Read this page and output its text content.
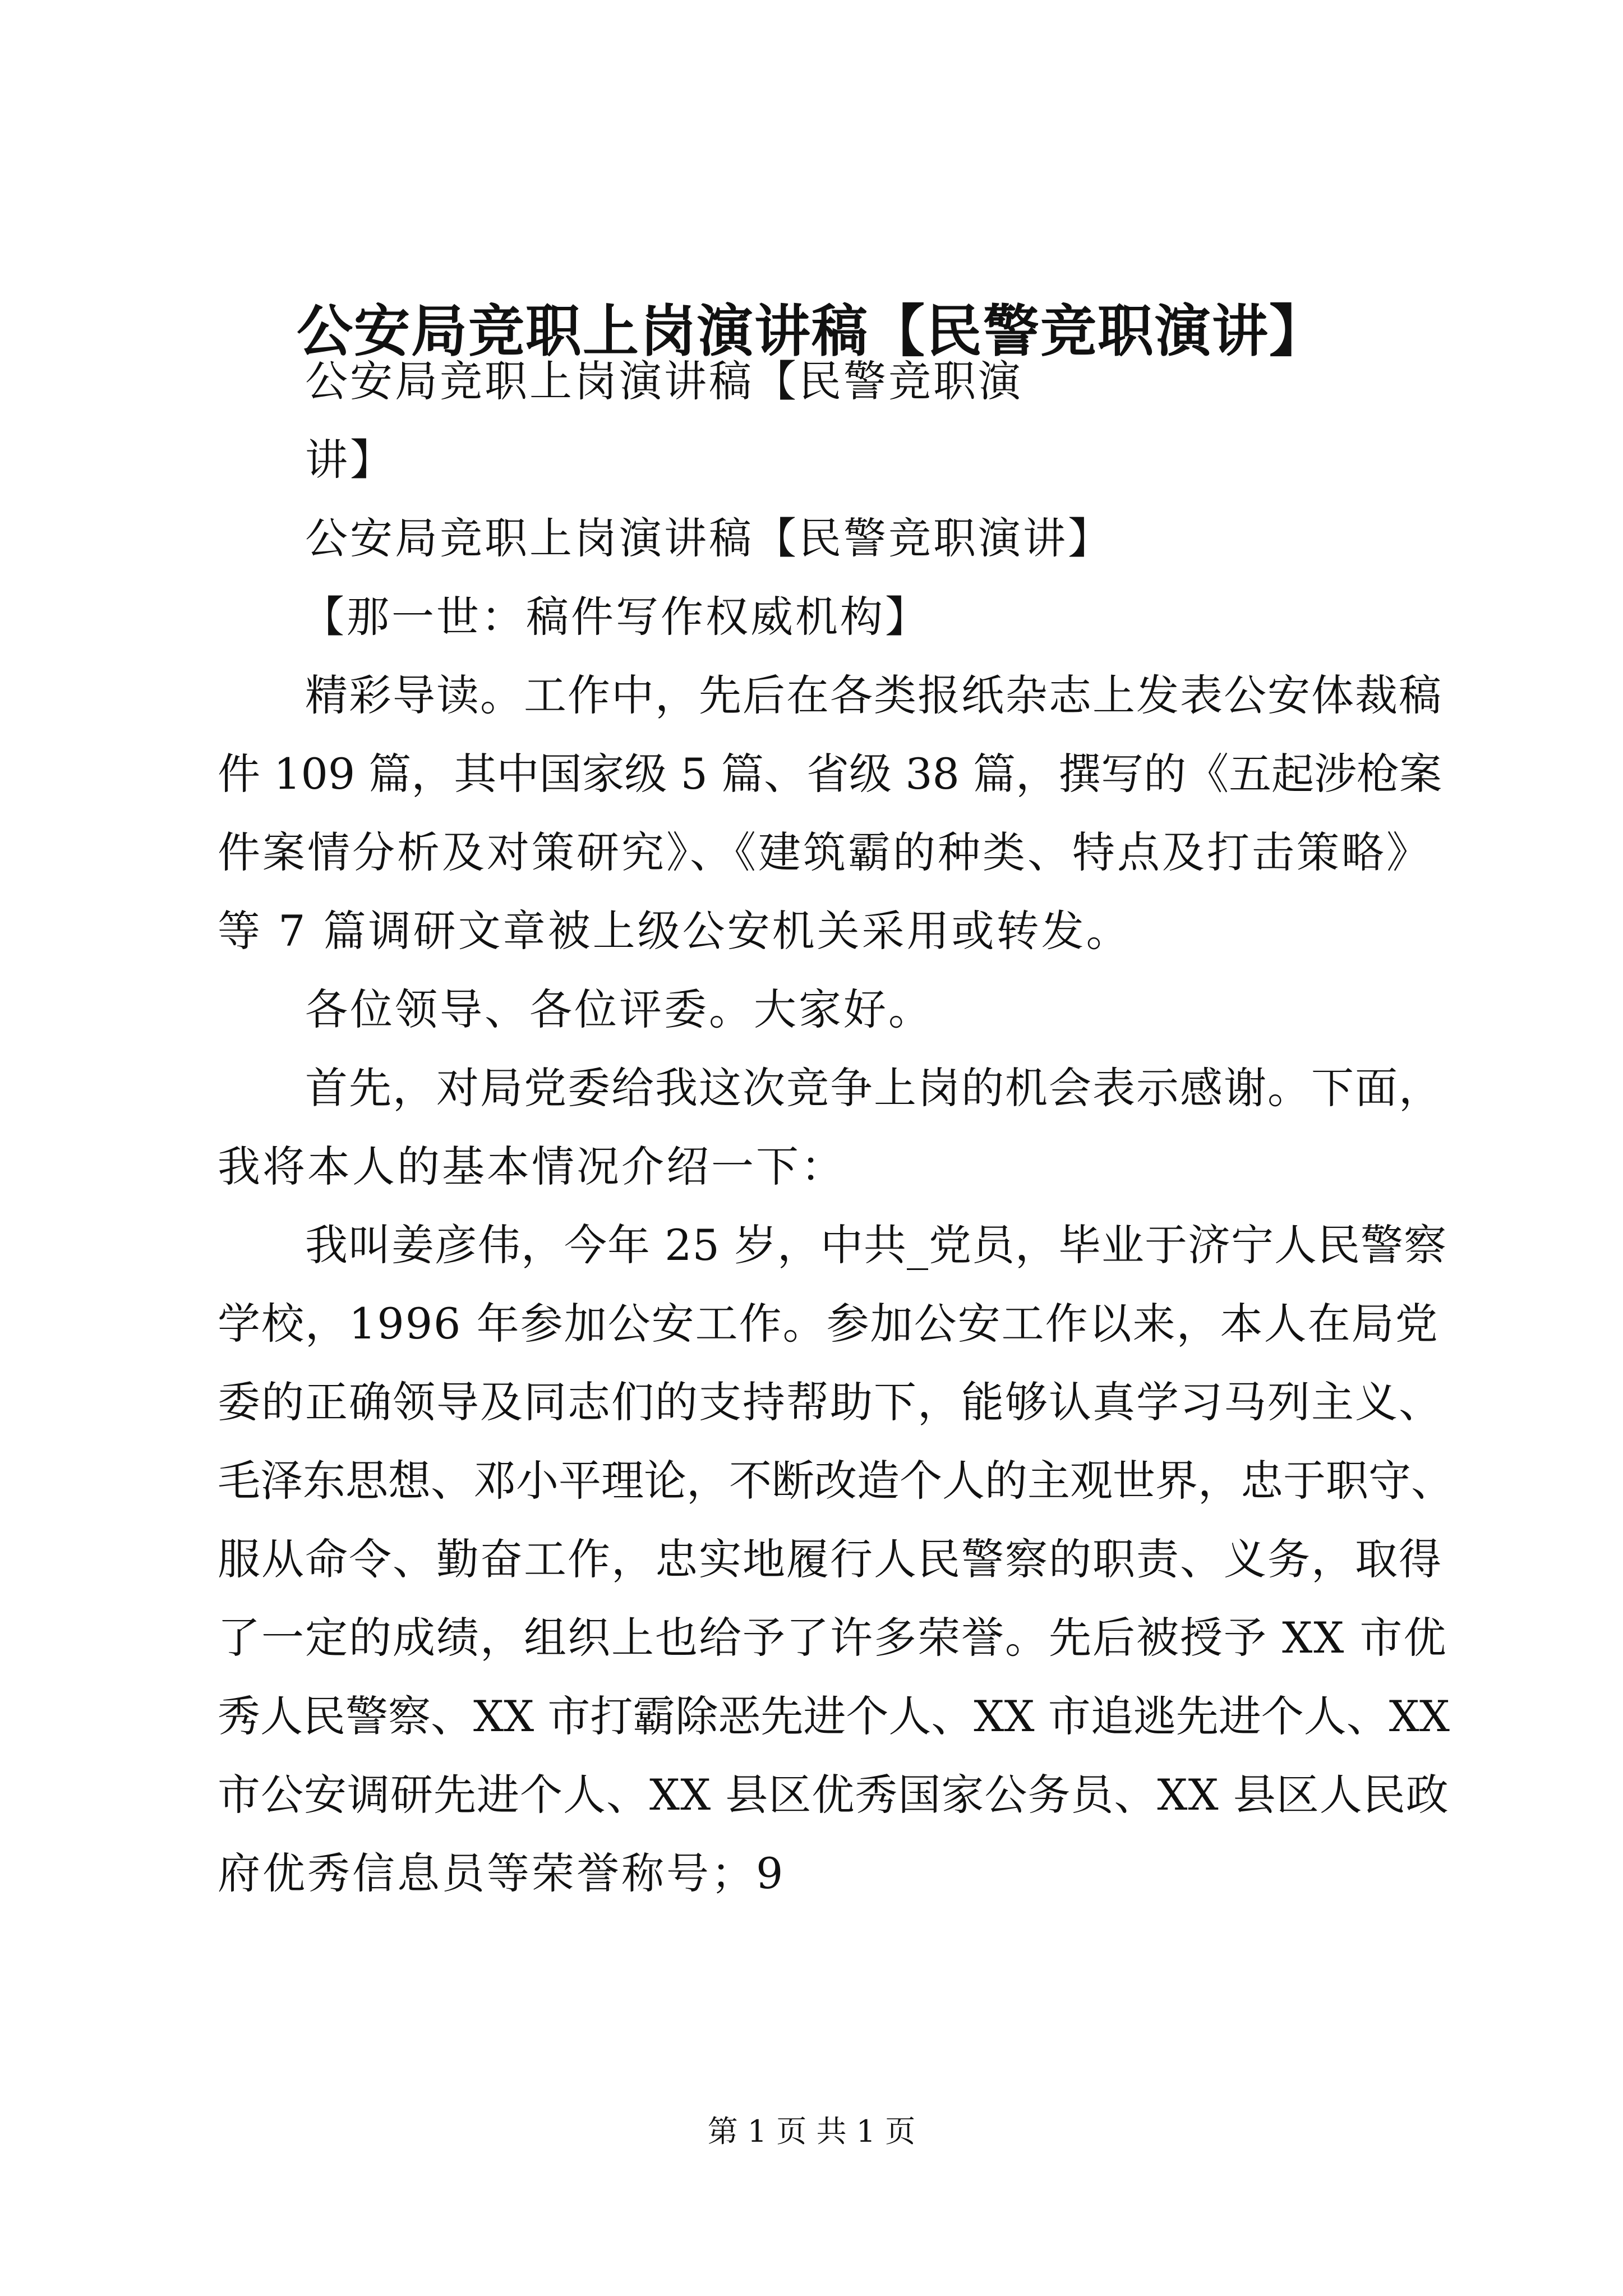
公安局竞职上岗演讲稿【民警竞职演讲】
公安局竞职上岗演讲稿【民警竞职演
讲】
公安局竞职上岗演讲稿【民警竞职演讲】
【那一世：稿件写作权威机构】
精彩导读。工作中，先后在各类报纸杂志上发表公安体裁稿
件 109 篇，其中国家级 5 篇、省级 38 篇，撰写的《五起涉枪案
件案情分析及对策研究》、《建筑霸的种类、特点及打击策略》
等 7 篇调研文章被上级公安机关采用或转发。
各位领导、各位评委。大家好。
首先，对局党委给我这次竞争上岗的机会表示感谢。下面，
我将本人的基本情况介绍一下：
我叫姜彦伟，今年 25 岁，中共_党员，毕业于济宁人民警察
学校，1996 年参加公安工作。参加公安工作以来，本人在局党
委的正确领导及同志们的支持帮助下，能够认真学习马列主义、
毛泽东思想、邓小平理论，不断改造个人的主观世界，忠于职守、
服从命令、勤奋工作，忠实地履行人民警察的职责、义务，取得
了一定的成绩，组织上也给予了许多荣誉。先后被授予 XX 市优
秀人民警察、XX 市打霸除恶先进个人、XX 市追逃先进个人、XX
市公安调研先进个人、XX 县区优秀国家公务员、XX 县区人民政
府优秀信息员等荣誉称号；9
第 1 页 共 1 页
